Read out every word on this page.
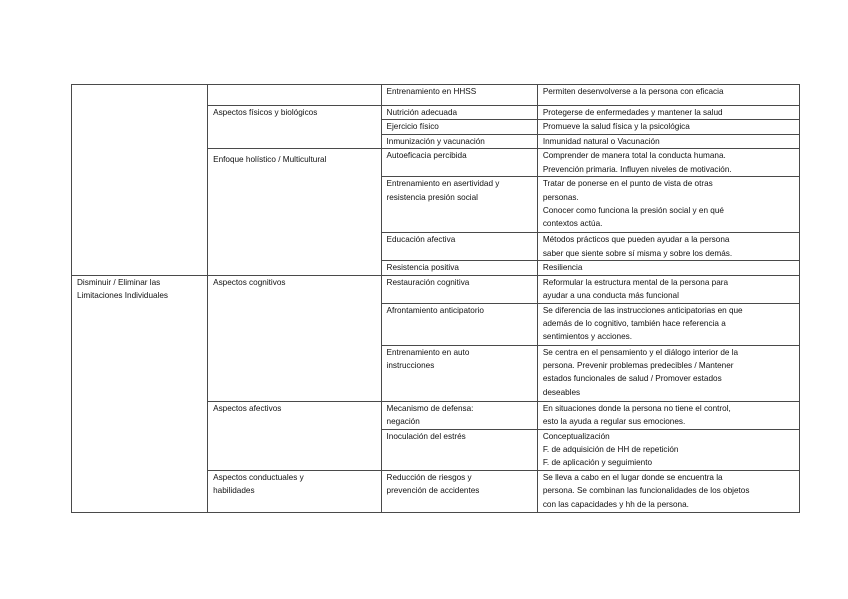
		Entrenamiento en HHSS	Permiten desenvolverse a la persona con eficacia

	Aspectos físicos y biológicos	Nutrición adecuada	Protegerse de enfermedades y mantener la salud

		Ejercicio físico	Promueve la salud física y la psicológica

		Inmunización y vacunación	Inmunidad natural o Vacunación

	Enfoque holístico / Multicultural	Autoeficacia percibida	Comprender de manera total la conducta humana.
Prevención primaria. Influyen niveles de motivación.

		Entrenamiento en asertividad y
resistencia presión social	Tratar de ponerse en el punto de vista de otras
personas.
Conocer como funciona la presión social y en qué
contextos actúa.

		Educación afectiva	Métodos prácticos que pueden ayudar a la persona
saber que siente sobre sí misma y sobre los demás.

		Resistencia positiva	Resiliencia

Disminuir / Eliminar las
Limitaciones Individuales	Aspectos cognitivos	Restauración cognitiva	Reformular la estructura mental de la persona para
ayudar a una conducta más funcional

		Afrontamiento anticipatorio	Se diferencia de las instrucciones anticipatorias en que
además de lo cognitivo, también hace referencia a
sentimientos y acciones.

		Entrenamiento en auto
instrucciones	Se centra en el pensamiento y el diálogo interior de la
persona. Prevenir problemas predecibles / Mantener
estados funcionales de salud / Promover estados
deseables

	Aspectos afectivos	Mecanismo de defensa:
negación	En situaciones donde la persona no tiene el control,
esto la ayuda a regular sus emociones.

		Inoculación del estrés	Conceptualización
F. de adquisición de HH de repetición
F. de aplicación y seguimiento

	Aspectos conductuales y
habilidades	Reducción de riesgos y
prevención de accidentes	Se lleva a cabo en el lugar donde se encuentra la
persona. Se combinan las funcionalidades de los objetos
con las capacidades y hh de la persona.
